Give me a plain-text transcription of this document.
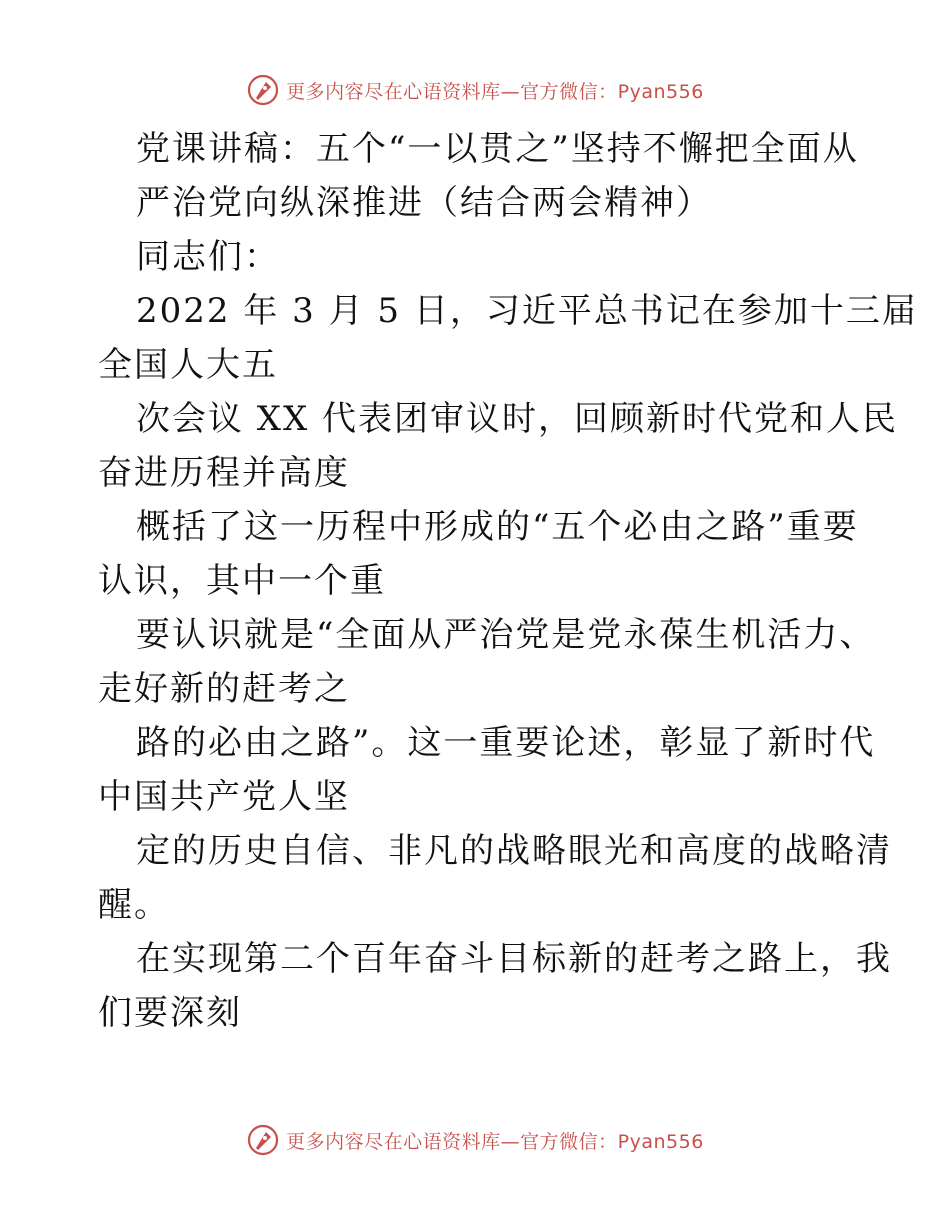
更多内容尽在心语资料库—官方微信：Pyan556
党课讲稿：五个“一以贯之”坚持不懈把全面从
严治党向纵深推进（结合两会精神）
同志们：
2022 年 3 月 5 日，习近平总书记在参加十三届
全国人大五
次会议 XX 代表团审议时，回顾新时代党和人民
奋进历程并高度
概括了这一历程中形成的“五个必由之路”重要
认识，其中一个重
要认识就是“全面从严治党是党永葆生机活力、
走好新的赶考之
路的必由之路”。这一重要论述，彰显了新时代
中国共产党人坚
定的历史自信、非凡的战略眼光和高度的战略清
醒。
在实现第二个百年奋斗目标新的赶考之路上，我
们要深刻
更多内容尽在心语资料库—官方微信：Pyan556
